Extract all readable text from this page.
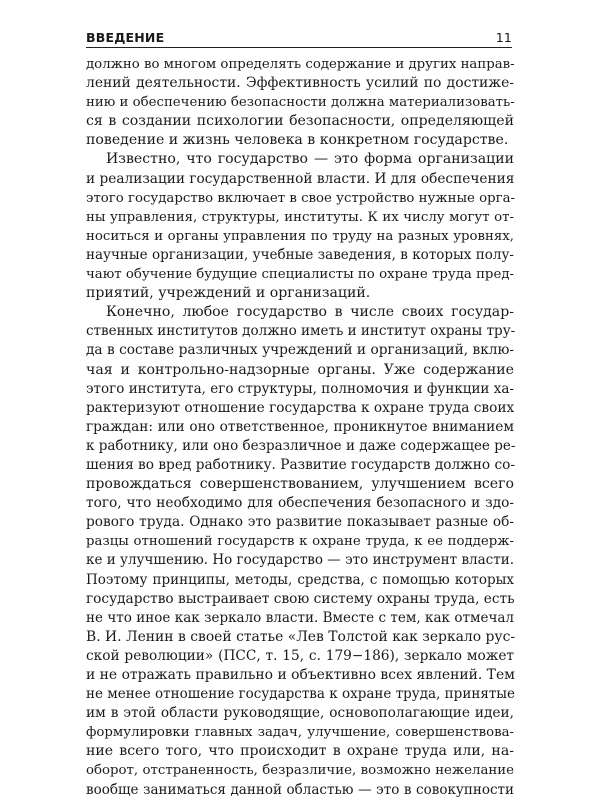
ВВЕДЕНИЕ	11
должно во многом определять содержание и других направ-
лений деятельности. Эффективность усилий по достиже-
нию и обеспечению безопасности должна материализовать-
ся в создании психологии безопасности, определяющей
поведение и жизнь человека в конкретном государстве.
Известно, что государство — это форма организации
и реализации государственной власти. И для обеспечения
этого государство включает в свое устройство нужные орга-
ны управления, структуры, институты. К их числу могут от-
носиться и органы управления по труду на разных уровнях,
научные организации, учебные заведения, в которых полу-
чают обучение будущие специалисты по охране труда пред-
приятий, учреждений и организаций.
Конечно, любое государство в числе своих государ-
ственных институтов должно иметь и институт охраны тру-
да в составе различных учреждений и организаций, вклю-
чая и контрольно-надзорные органы. Уже содержание
этого института, его структуры, полномочия и функции ха-
рактеризуют отношение государства к охране труда своих
граждан: или оно ответственное, проникнутое вниманием
к работнику, или оно безразличное и даже содержащее ре-
шения во вред работнику. Развитие государств должно со-
провождаться совершенствованием, улучшением всего
того, что необходимо для обеспечения безопасного и здо-
рового труда. Однако это развитие показывает разные об-
разцы отношений государств к охране труда, к ее поддерж-
ке и улучшению. Но государство — это инструмент власти.
Поэтому принципы, методы, средства, с помощью которых
государство выстраивает свою систему охраны труда, есть
не что иное как зеркало власти. Вместе с тем, как отмечал
В. И. Ленин в своей статье «Лев Толстой как зеркало рус-
ской революции» (ПСС, т. 15, с. 179−186), зеркало может
и не отражать правильно и объективно всех явлений. Тем
не менее отношение государства к охране труда, принятые
им в этой области руководящие, основополагающие идеи,
формулировки главных задач, улучшение, совершенствова-
ние всего того, что происходит в охране труда или, на-
оборот, отстраненность, безразличие, возможно нежелание
вообще заниматься данной областью — это в совокупности
